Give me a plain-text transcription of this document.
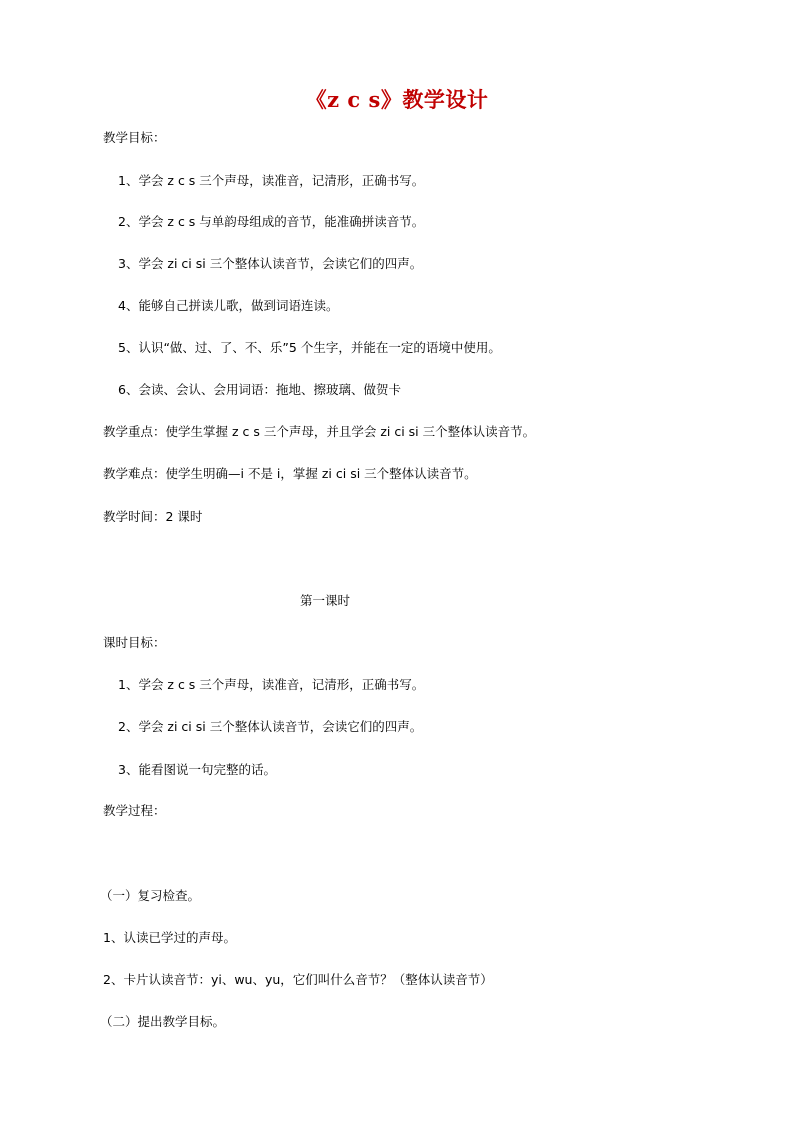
《z c s》教学设计
教学目标：
1、学会 z c s 三个声母，读准音，记清形，正确书写。
2、学会 z c s 与单韵母组成的音节，能准确拼读音节。
3、学会 zi ci si 三个整体认读音节，会读它们的四声。
4、能够自己拼读儿歌，做到词语连读。
5、认识“做、过、了、不、乐”5 个生字，并能在一定的语境中使用。
6、会读、会认、会用词语：拖地、擦玻璃、做贺卡
教学重点：使学生掌握 z c s 三个声母，并且学会 zi ci si 三个整体认读音节。
教学难点：使学生明确—i 不是 i，掌握 zi ci si 三个整体认读音节。
教学时间：2 课时
第一课时
课时目标：
1、学会 z c s 三个声母，读准音，记清形，正确书写。
2、学会 zi ci si 三个整体认读音节，会读它们的四声。
3、能看图说一句完整的话。
教学过程：
（一）复习检查。
1、认读已学过的声母。
2、卡片认读音节：yi、wu、yu，它们叫什么音节？（整体认读音节）
（二）提出教学目标。
